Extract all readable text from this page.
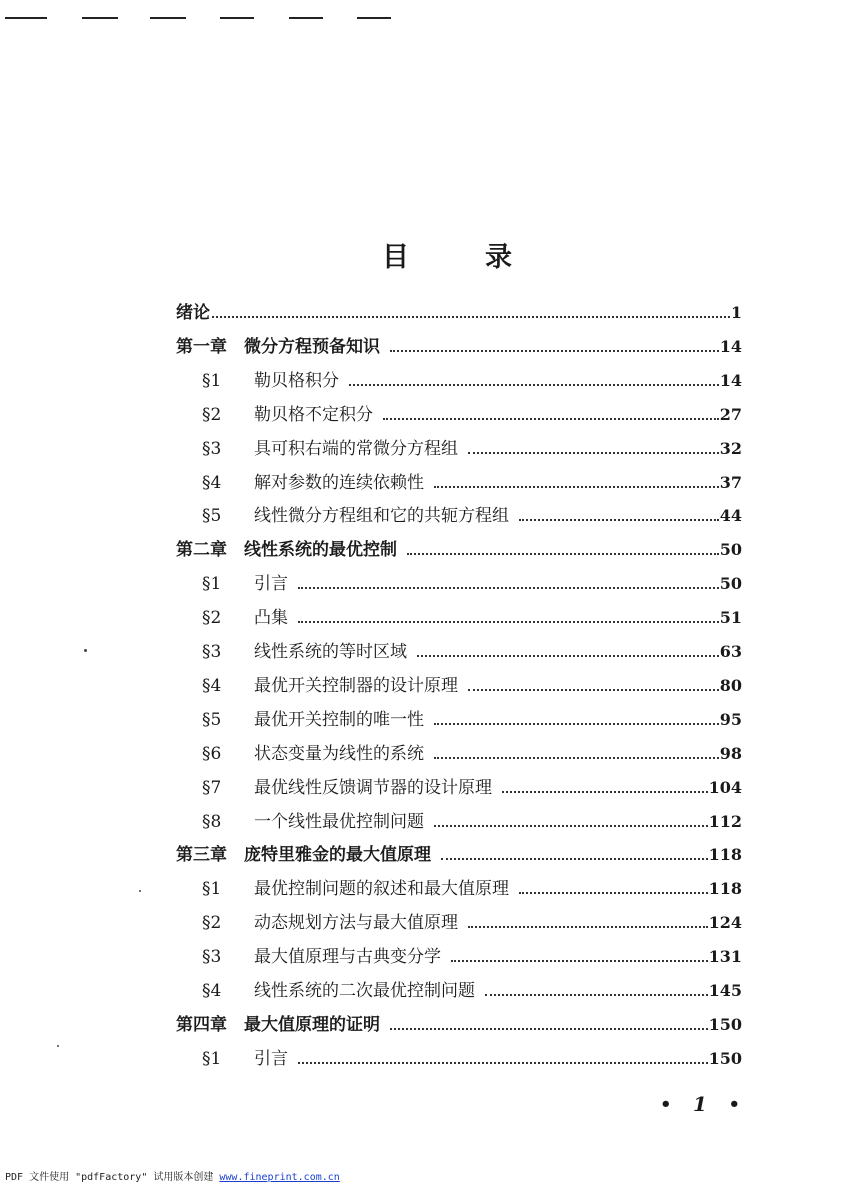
目	录
绪论	1
第一章　微分方程预备知识	14
§1	勒贝格积分	14
§2	勒贝格不定积分	27
§3	具可积右端的常微分方程组	32
§4	解对参数的连续依赖性	37
§5	线性微分方程组和它的共轭方程组	44
第二章　线性系统的最优控制	50
§1	引言	50
§2	凸集	51
§3	线性系统的等时区域	63
§4	最优开关控制器的设计原理	80
§5	最优开关控制的唯一性	95
§6	状态变量为线性的系统	98
§7	最优线性反馈调节器的设计原理	104
§8	一个线性最优控制问题	112
第三章　庞特里雅金的最大值原理	118
§1	最优控制问题的叙述和最大值原理	118
§2	动态规划方法与最大值原理	124
§3	最大值原理与古典变分学	131
§4	线性系统的二次最优控制问题	145
第四章　最大值原理的证明	150
§1	引言	150
• 1 •
PDF 文件使用 "pdfFactory" 试用版本创建 www.fineprint.com.cn
